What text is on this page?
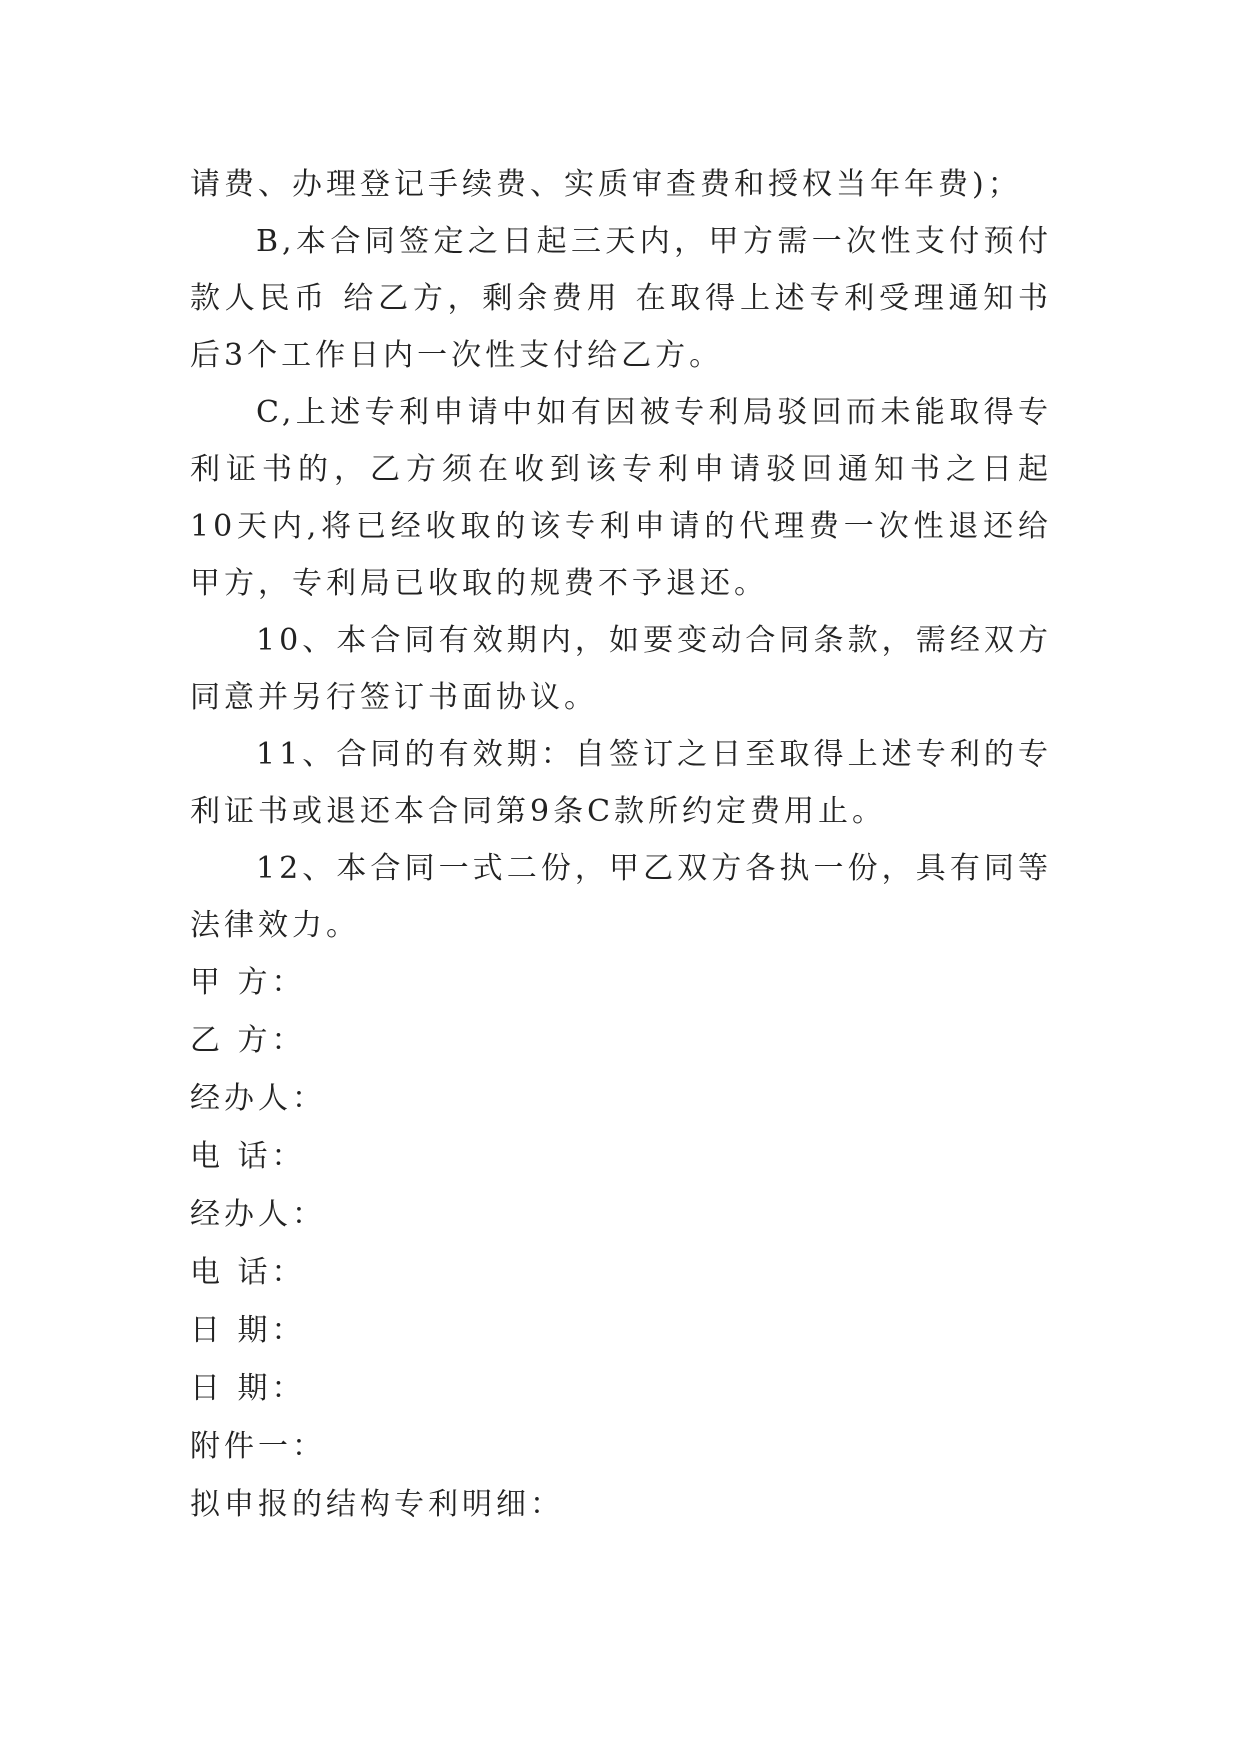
请费、办理登记手续费、实质审查费和授权当年年费)；

B,本合同签定之日起三天内，甲方需一次性支付预付款人民币 给乙方，剩余费用 在取得上述专利受理通知书后3个工作日内一次性支付给乙方。

C,上述专利申请中如有因被专利局驳回而未能取得专利证书的，乙方须在收到该专利申请驳回通知书之日起10天内,将已经收取的该专利申请的代理费一次性退还给甲方，专利局已收取的规费不予退还。

10、本合同有效期内，如要变动合同条款，需经双方同意并另行签订书面协议。

11、合同的有效期：自签订之日至取得上述专利的专利证书或退还本合同第9条C款所约定费用止。

12、本合同一式二份，甲乙双方各执一份，具有同等法律效力。

甲 方：

乙 方：

经办人：

电 话：

经办人：

电 话：

日 期：

日 期：

附件一：

拟申报的结构专利明细：
